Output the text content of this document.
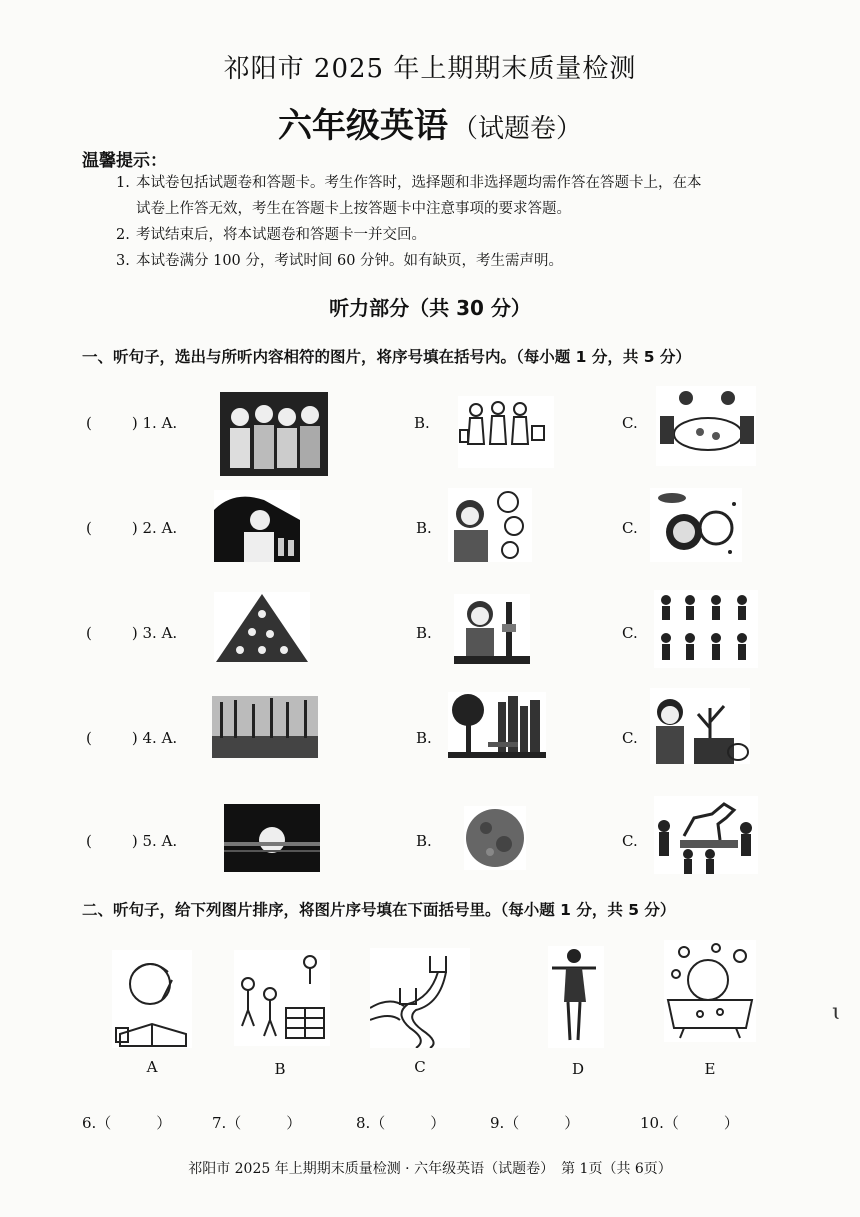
祁阳市 2025 年上期期末质量检测
六年级英语 （试题卷）
温馨提示：
1. 本试卷包括试题卷和答题卡。考生作答时，选择题和非选择题均需作答在答题卡上，在本
试卷上作答无效，考生在答题卡上按答题卡中注意事项的要求答题。
2. 考试结束后，将本试题卷和答题卡一并交回。
3. 本试卷满分 100 分，考试时间 60 分钟。如有缺页，考生需声明。
听力部分（共 30 分）
一、听句子，选出与所听内容相符的图片，将序号填在括号内。（每小题 1 分，共 5 分）
(	) 1. A.	B.	C.
(	) 2. A.	B.	C.
(	) 3. A.	B.	C.
(	) 4. A.	B.	C.
(	) 5. A.	B.	C.
二、听句子，给下列图片排序，将图片序号填在下面括号里。（每小题 1 分，共 5 分）
A	B	C	D	E
6.（　　　）	7.（　　　）	8.（　　　）	9.（　　　）	10.（　　　）
ɩ
祁阳市 2025 年上期期末质量检测 · 六年级英语（试题卷）　第 1页（共 6页）
